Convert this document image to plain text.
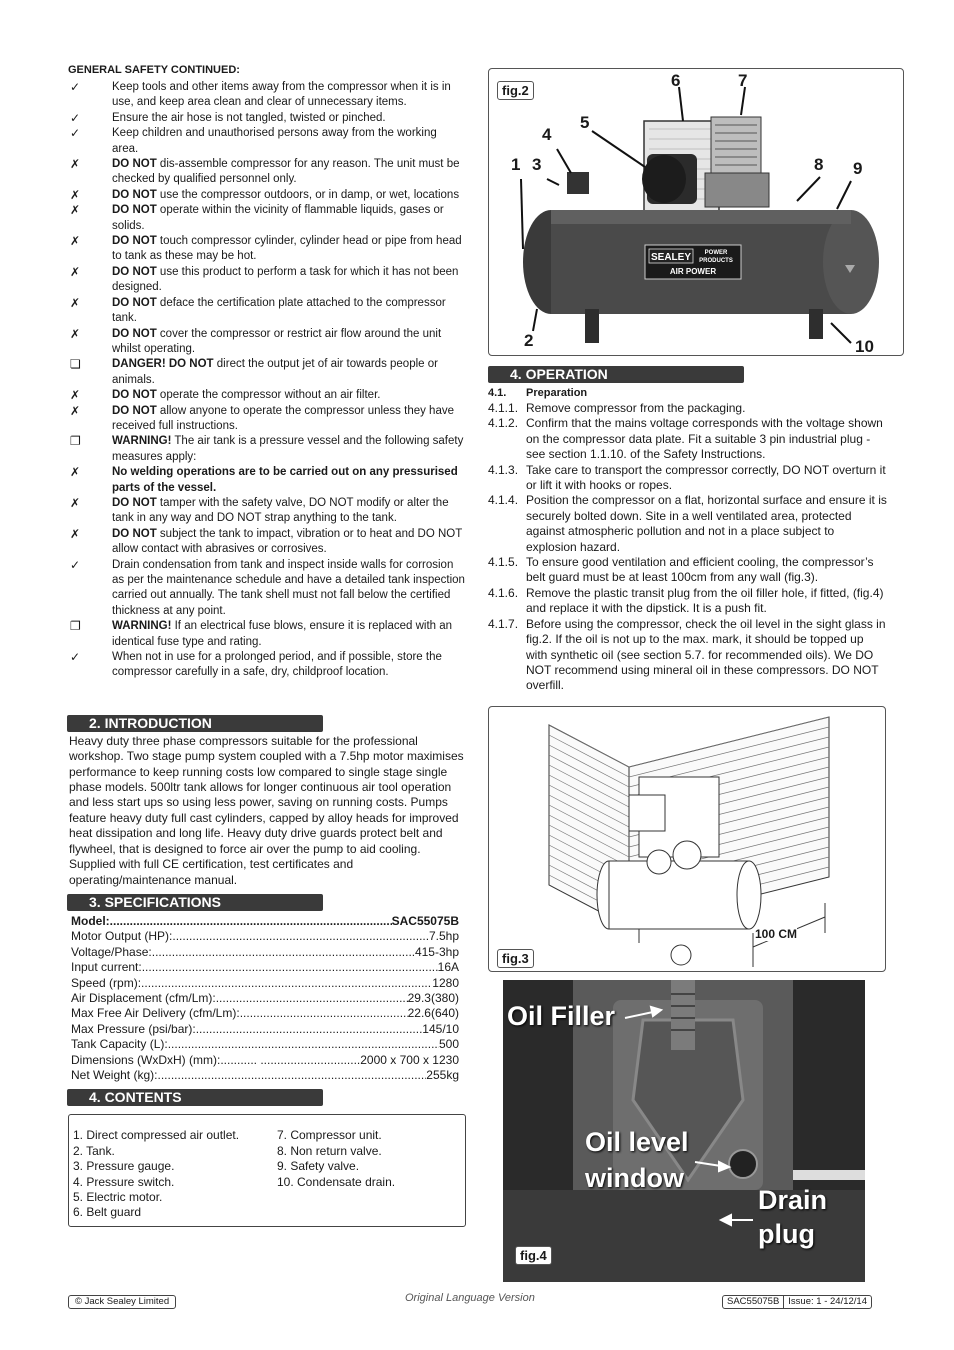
GENERAL SAFETY CONTINUED:
✓	Keep tools and other items away from the compressor when it is in use, and keep area clean and clear of unnecessary items.
✓	Ensure the air hose is not tangled, twisted or pinched.
✓	Keep children and unauthorised persons away from the working area.
✗	DO NOT dis-assemble compressor for any reason. The unit must be checked by qualified personnel only.
✗	DO NOT use the compressor outdoors, or in damp, or wet, locations
✗	DO NOT operate within the vicinity of flammable liquids, gases or solids.
✗	DO NOT touch compressor cylinder, cylinder head or pipe from head to tank as these may be hot.
✗	DO NOT use this product to perform a task for which it has not been designed.
✗	DO NOT deface the certification plate attached to the compressor tank.
✗	DO NOT cover the compressor or restrict air flow around the unit whilst operating.
❏	DANGER! DO NOT direct the output jet of air towards people or animals.
✗	DO NOT operate the compressor without an air filter.
✗	DO NOT allow anyone to operate the compressor unless they have received full instructions.
❐	WARNING! The air tank is a pressure vessel and the following safety measures apply:
✗	No welding operations are to be carried out on any pressurised parts of the vessel.
✗	DO NOT tamper with the safety valve, DO NOT modify or alter the tank in any way and DO NOT strap anything to the tank.
✗	DO NOT subject the tank to impact, vibration or to heat and DO NOT allow contact with abrasives or corrosives.
✓	Drain condensation from tank and inspect inside walls for corrosion as per the maintenance schedule and have a detailed tank inspection carried out annually. The tank shell must not fall below the certified thickness at any point.
❐	WARNING! If an electrical fuse blows, ensure it is replaced with an identical fuse type and rating.
✓	When not in use for a prolonged period, and if possible, store the compressor carefully in a safe, dry, childproof location.
2. INTRODUCTION
Heavy duty three phase compressors suitable for the professional workshop. Two stage pump system coupled with a 7.5hp motor maximises performance to keep running costs low compared to single stage single phase models. 500ltr tank allows for longer continuous air tool operation and less start ups so using less power, saving on running costs. Pumps feature heavy duty full cast cylinders, capped by alloy heads for improved heat dissipation and long life. Heavy duty drive guards protect belt and flywheel, that is designed to force air over the pump to aid cooling. Supplied with full CE certification, test certificates and operating/maintenance manual.
3. SPECIFICATIONS
Model: .....	SAC55075B
Motor Output (HP): .....	7.5hp
Voltage/Phase: .....	415-3hp
Input current: .....	16A
Speed (rpm): .....	1280
Air Displacement (cfm/Lm): .....	29.3(380)
Max Free Air Delivery (cfm/Lm): .....	22.6(640)
Max Pressure (psi/bar): .....	145/10
Tank Capacity (L): .....	500
Dimensions (WxDxH) (mm):........... ................ ..... .....2000 x 700 x 1230
Net Weight (kg): .....	255kg
4. CONTENTS
1. Direct compressed air outlet.
2. Tank.
3. Pressure gauge.
4. Pressure switch.
5. Electric motor.
6. Belt guard
7. Compressor unit.
8. Non return valve.
9. Safety valve.
10. Condensate drain.
fig.2
SEALEY POWER
PRODUCTS
AIR POWER
6	7
5
4
1 3	8 9
2	10
4. OPERATION
4.1.	Preparation
4.1.1. Remove compressor from the packaging.
4.1.2. Confirm that the mains voltage corresponds with the voltage shown on the compressor data plate. Fit a suitable 3 pin industrial plug - see section 1.1.10. of the Safety Instructions.
4.1.3. Take care to transport the compressor correctly, DO NOT overturn it or lift it with hooks or ropes.
4.1.4. Position the compressor on a flat, horizontal surface and ensure it is securely bolted down. Site in a well ventilated area, protected against atmospheric pollution and not in a place subject to explosion hazard.
4.1.5. To ensure good ventilation and efficient cooling, the compressor’s belt guard must be at least 100cm from any wall (fig.3).
4.1.6. Remove the plastic transit plug from the oil filler hole, if fitted, (fig.4) and replace it with the dipstick. It is a push fit.
4.1.7. Before using the compressor, check the oil level in the sight glass in fig.2. If the oil is not up to the max. mark, it should be topped up with synthetic oil (see section 5.7. for recommended oils). We DO NOT recommend using mineral oil in these compressors. DO NOT overfill.
100 CM
fig.3
Oil Filler
Oil level
window
Drain
plug
fig.4
© Jack Sealey Limited	Original Language Version	SAC55075B Issue: 1 - 24/12/14
